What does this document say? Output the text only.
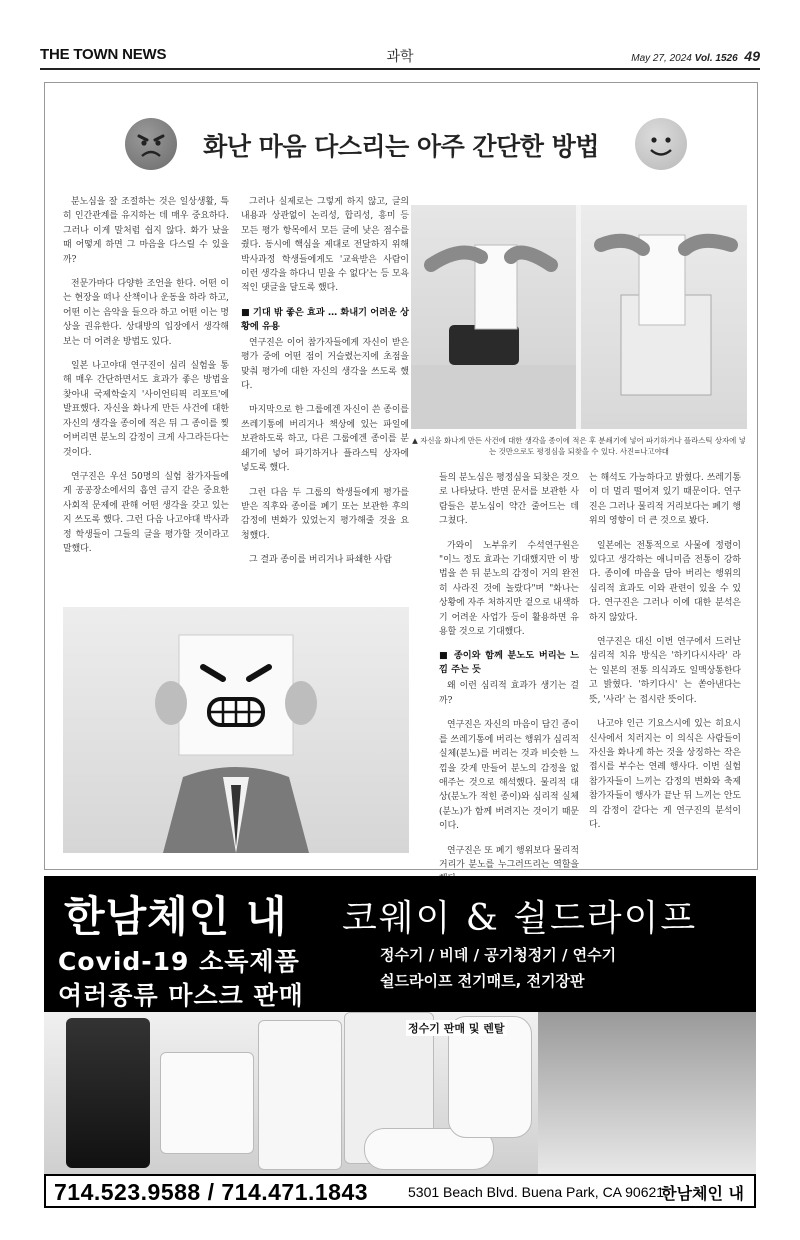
THE TOWN NEWS	과학	May 27, 2024 Vol. 1526 49
화난 마음 다스리는 아주 간단한 방법

분노심을 잘 조절하는 것은 일상생활, 특히 인간관계를 유지하는 데 매우 중요하다. 그러나 이게 말처럼 쉽지 않다. 화가 났을 때 어떻게 하면 그 마음을 다스릴 수 있을까?

전문가마다 다양한 조언을 한다. 어떤 이는 현장을 떠나 산책이나 운동을 하라 하고, 어떤 이는 음악을 들으라 하고 어떤 이는 명상을 권유한다. 상대방의 입장에서 생각해 보는 더 어려운 방법도 있다.

일본 나고야대 연구진이 심리 실험을 통해 매우 간단하면서도 효과가 좋은 방법을 찾아내 국제학술지 '사이언티픽 리포트'에 발표했다. 자신을 화나게 만든 사건에 대한 자신의 생각을 종이에 적은 뒤 그 종이를 찢어버리면 분노의 감정이 크게 사그라든다는 것이다.

연구진은 우선 50명의 실험 참가자들에게 공공장소에서의 흡연 금지 같은 중요한 사회적 문제에 관해 어떤 생각을 갖고 있는지 쓰도록 했다. 그런 다음 나고야대 박사과정 학생들이 그들의 글을 평가할 것이라고 말했다.

그러나 실제로는 그렇게 하지 않고, 글의 내용과 상관없이 논리성, 합리성, 흥미 등 모든 평가 항목에서 모든 글에 낮은 점수를 줬다. 동시에 핵심을 제대로 전달하지 위해 박사과정 학생들에게도 '교육받은 사람이 이런 생각을 하다니 믿을 수 없다'는 등 모욕적인 댓글을 달도록 했다.

■ 기대 밖 좋은 효과 … 화내기 어려운 상황에 유용

연구진은 이어 참가자들에게 자신이 받은 평가 중에 어떤 점이 거슬렸는지에 초점을 맞춰 평가에 대한 자신의 생각을 쓰도록 했다.

마지막으로 한 그룹에겐 자신이 쓴 종이를 쓰레기통에 버리거나 책상에 있는 파일에 보관하도록 하고, 다른 그룹에겐 종이를 분쇄기에 넣어 파기하거나 플라스틱 상자에 넣도록 했다.

그런 다음 두 그룹의 학생들에게 평가를 받은 직후와 종이를 폐기 또는 보관한 후의 감정에 변화가 있었는지 평가해줄 것을 요청했다.

그 결과 종이를 버리거나 파쇄한 사람

▲ 자신을 화나게 만든 사건에 대한 생각을 종이에 적은 후 분쇄기에 넣어 파기하거나 플라스틱 상자에 넣는 것만으로도 평정심을 되찾을 수 있다. 사진=나고야대

들의 분노심은 평정심을 되찾은 것으로 나타났다. 반면 문서를 보관한 사람들은 분노심이 약간 줄어드는 데 그쳤다.

가와이 노부유키 수석연구원은 "이느 정도 효과는 기대했지만 이 방법을 쓴 뒤 분노의 감정이 거의 완전히 사라진 것에 놀랐다"며 "화나는 상황에 자주 처하지만 겉으로 내색하기 어려운 사업가 등이 활용하면 유용할 것으로 기대했다.

■ 종이와 함께 분노도 버리는 느낌 주는 듯

왜 이런 심리적 효과가 생기는 걸까?

연구진은 자신의 마음이 담긴 종이를 쓰레기통에 버리는 행위가 심리적 실체(분노)를 버리는 것과 비슷한 느낌을 갖게 만들어 분노의 감정을 없애주는 것으로 해석했다. 물리적 대상(분노가 적힌 종이)와 심리적 실체(분노)가 함께 버려지는 것이기 때문이다.

연구진은 또 폐기 행위보다 물리적 거리가 분노를 누그러뜨리는 역할을

는 해석도 가능하다고 밝혔다. 쓰레기통이 더 멀리 떨어져 있기 때문이다. 연구진은 그러나 물리적 거리보다는 폐기 행위의 영향이 더 큰 것으로 봤다.

일본에는 전통적으로 사물에 정령이 있다고 생각하는 애니미즘 전통이 강하다. 종이에 마음을 담아 버리는 행위의 심리적 효과도 이와 관련이 있을 수 있다. 연구진은 그러나 이에 대한 분석은 하지 않았다.

연구진은 대신 이번 연구에서 드러난 심리적 치유 방식은 '하키다시사라' 라는 일본의 전통 의식과도 일맥상통한다고 밝혔다. '하키다시' 는 쏟아낸다는 뜻, '사라' 는 접시란 뜻이다.

나고야 인근 기요스시에 있는 히요시 신사에서 치러지는 이 의식은 사람들이 자신을 화나게 하는 것을 상징하는 작은 접시를 부수는 연례 행사다. 이번 실험 참가자들이 느끼는 감정의 변화와 축제 참가자들이 행사가 끝난 뒤 느끼는 안도의 감정이 같다는 게 연구진의 분석이다.

한남체인 내 코웨이 & 쉴드라이프
Covid-19 소독제품
여러종류 마스크 판매
정수기 / 비데 / 공기청정기 / 연수기
쉴드라이프 전기매트, 전기장판
정수기 판매 및 렌탈
714.523.9588 / 714.471.1843	5301 Beach Blvd. Buena Park, CA 90621
한남체인 내
